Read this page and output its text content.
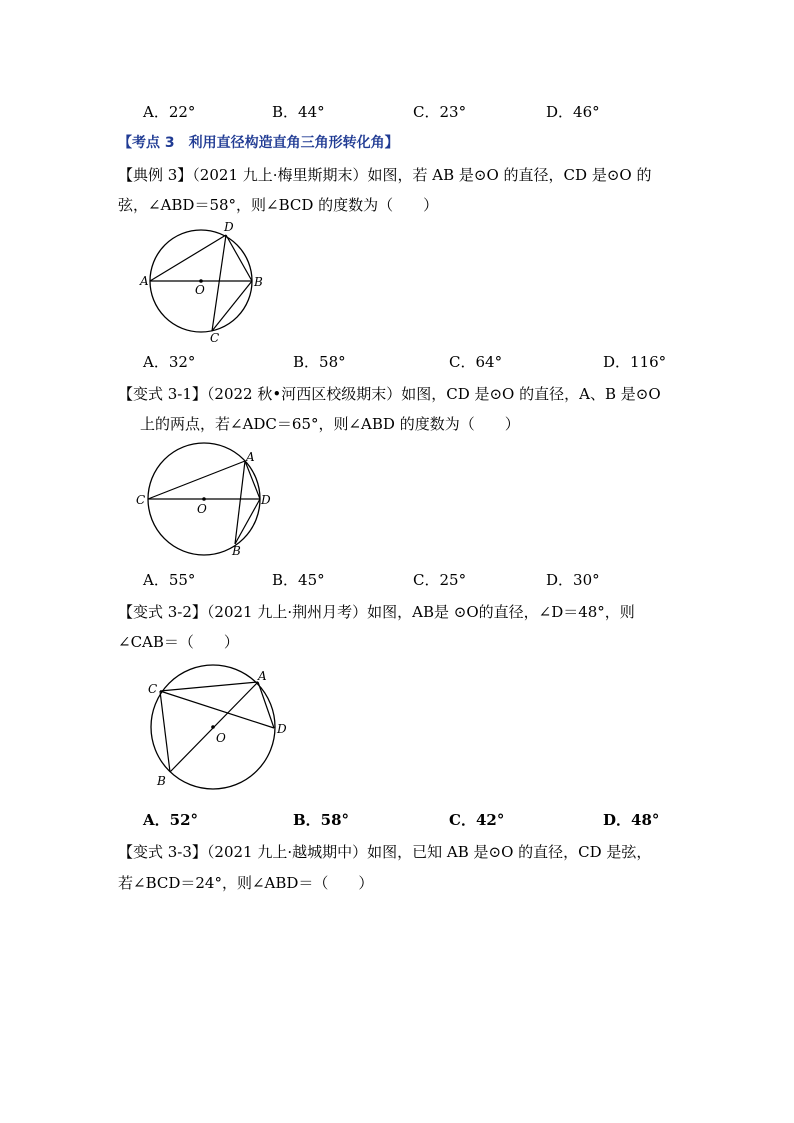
A．22°	B．44°	C．23°	D．46°
【考点 3　利用直径构造直角三角形转化角】
【典例 3】（2021 九上·梅里斯期末）如图，若 AB 是⊙O 的直径，CD 是⊙O 的
弦，∠ABD＝58°，则∠BCD 的度数为（　　）
A	B
C
D
O
A．32°	B．58°	C．64°	D．116°
【变式 3-1】（2022 秋•河西区校级期末）如图，CD 是⊙O 的直径，A、B 是⊙O
上的两点，若∠ADC＝65°，则∠ABD 的度数为（　　）
C	D
A
B
O
A．55°	B．45°	C．25°	D．30°
【变式 3-2】（2021 九上·荆州月考）如图，AB是 ⊙O的直径，∠D＝48°，则
∠CAB＝（　　）
C
A
D
B
O
A．52°	B．58°	C．42°	D．48°
【变式 3-3】（2021 九上·越城期中）如图，已知 AB 是⊙O 的直径，CD 是弦，
若∠BCD＝24°，则∠ABD＝（　　）
